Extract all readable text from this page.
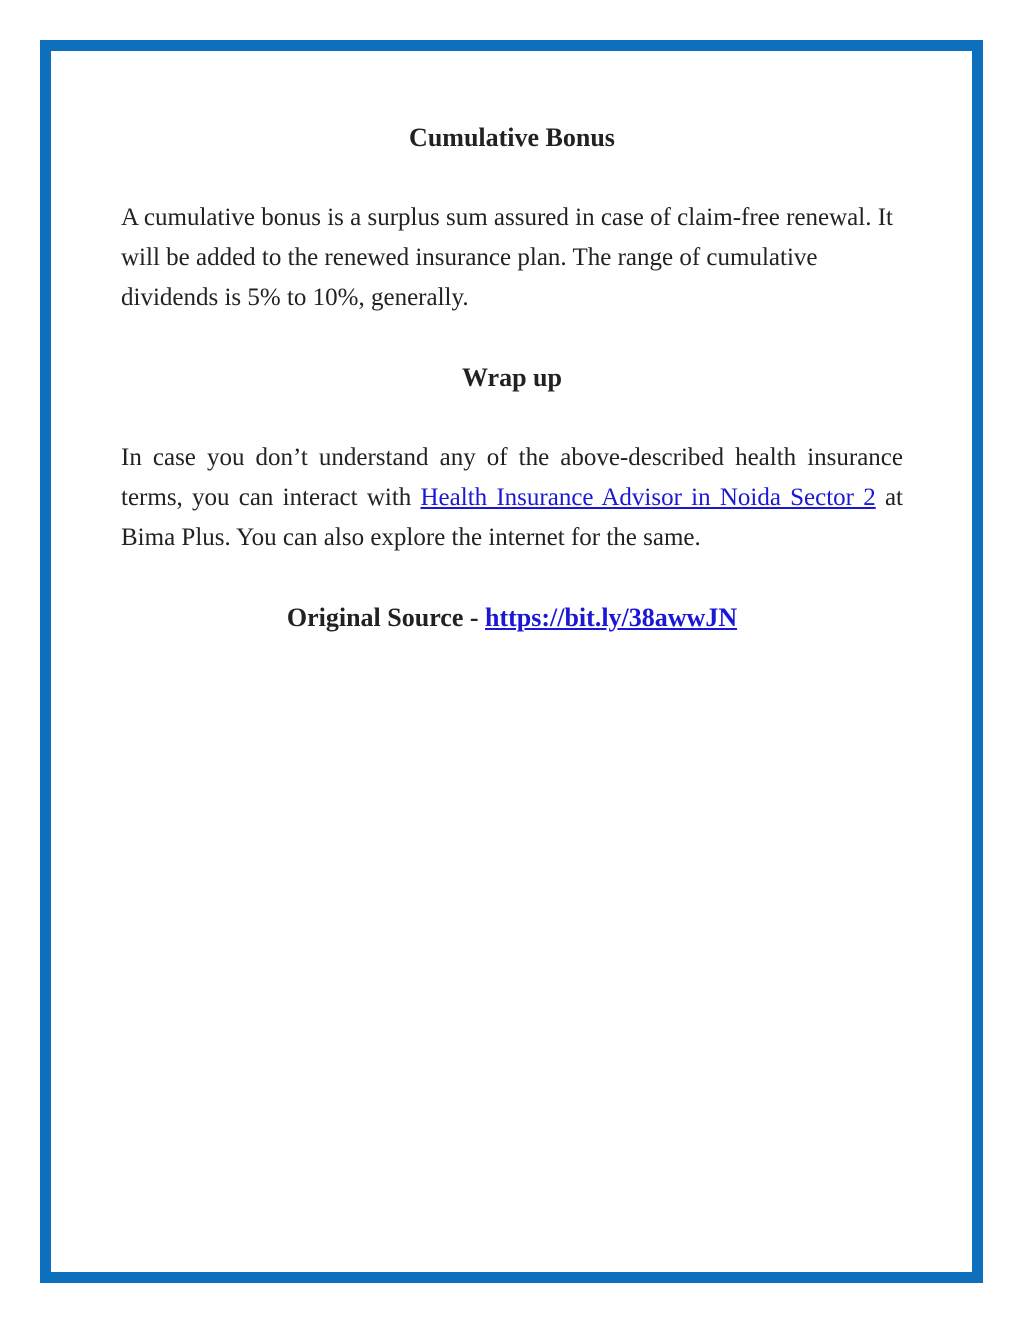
Cumulative Bonus

A cumulative bonus is a surplus sum assured in case of claim-free renewal. It will be added to the renewed insurance plan. The range of cumulative dividends is 5% to 10%, generally.

Wrap up

In case you don’t understand any of the above-described health insurance terms, you can interact with Health Insurance Advisor in Noida Sector 2 at Bima Plus. You can also explore the internet for the same.

Original Source - https://bit.ly/38awwJN
